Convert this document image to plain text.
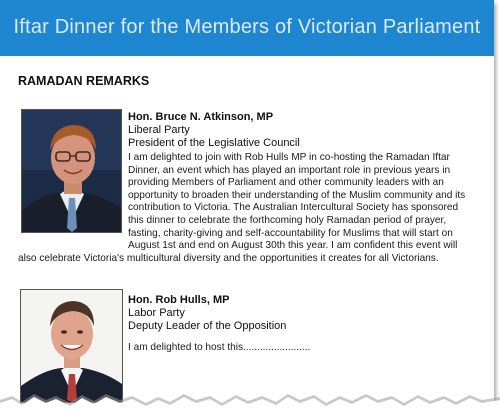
Iftar Dinner for the Members of Victorian Parliament
RAMADAN REMARKS
Hon. Bruce N. Atkinson, MP
Liberal Party
President of the Legislative Council
I am delighted to join with Rob Hulls MP in co-hosting the Ramadan Iftar
Dinner, an event which has played an important role in previous years in
providing Members of Parliament and other community leaders with an
opportunity to broaden their understanding of the Muslim community and its
contribution to Victoria. The Australian Intercultural Society has sponsored
this dinner to celebrate the forthcoming holy Ramadan period of prayer,
fasting, charity-giving and self-accountability for Muslims that will start on
August 1st and end on August 30th this year. I am confident this event will
also celebrate Victoria's multicultural diversity and the opportunities it creates for all Victorians.
Hon. Rob Hulls, MP
Labor Party
Deputy Leader of the Opposition
I am delighted to host this........................
